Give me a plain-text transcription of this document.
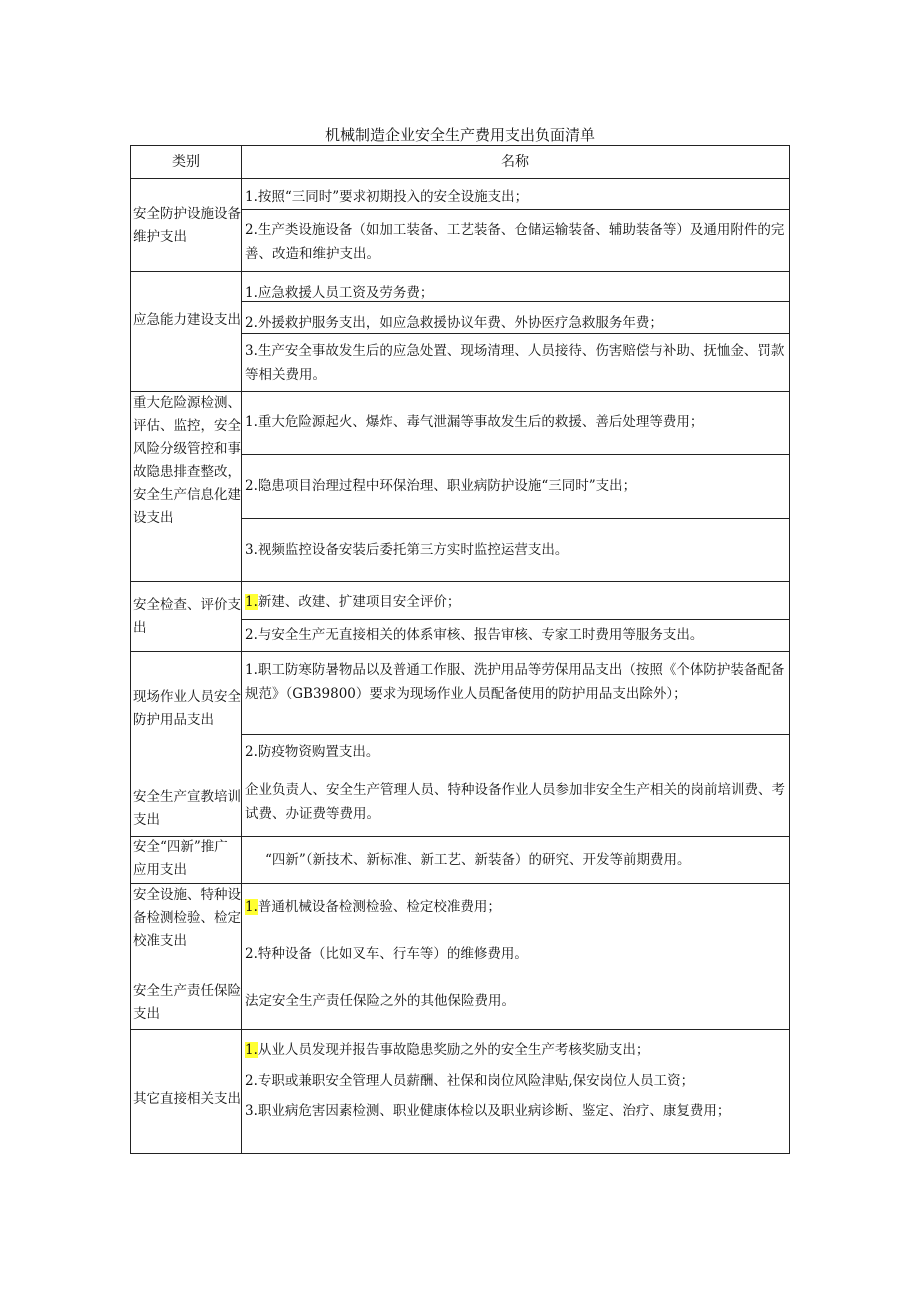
机械制造企业安全生产费用支出负面清单
类别	名称
安全防护设施设备维护支出
应急能力建设支出
重大危险源检测、评估、监控，安全风险分级管控和事故隐患排查整改，安全生产信息化建设支出
安全检查、评价支出
现场作业人员安全防护用品支出
安全生产宣教培训支出
安全“四新”推广应用支出
安全设施、特种设备检测检验、检定校准支出
安全生产责任保险支出
其它直接相关支出
1.按照“三同时”要求初期投入的安全设施支出；
2.生产类设施设备（如加工装备、工艺装备、仓储运输装备、辅助装备等）及通用附件的完善、改造和维护支出。
1.应急救援人员工资及劳务费；
2.外援救护服务支出，如应急救援协议年费、外协医疗急救服务年费；
3.生产安全事故发生后的应急处置、现场清理、人员接待、伤害赔偿与补助、抚恤金、罚款等相关费用。
1.重大危险源起火、爆炸、毒气泄漏等事故发生后的救援、善后处理等费用；
2.隐患项目治理过程中环保治理、职业病防护设施“三同时”支出；
3.视频监控设备安装后委托第三方实时监控运营支出。
1.新建、改建、扩建项目安全评价；
2.与安全生产无直接相关的体系审核、报告审核、专家工时费用等服务支出。
1.职工防寒防暑物品以及普通工作服、洗护用品等劳保用品支出（按照《个体防护装备配备规范》（GB39800）要求为现场作业人员配备使用的防护用品支出除外）；
2.防疫物资购置支出。
企业负责人、安全生产管理人员、特种设备作业人员参加非安全生产相关的岗前培训费、考试费、办证费等费用。
“四新”（新技术、新标准、新工艺、新装备）的研究、开发等前期费用。
1.普通机械设备检测检验、检定校准费用；
2.特种设备（比如叉车、行车等）的维修费用。
法定安全生产责任保险之外的其他保险费用。
1.从业人员发现并报告事故隐患奖励之外的安全生产考核奖励支出；
2.专职或兼职安全管理人员薪酬、社保和岗位风险津贴,保安岗位人员工资；
3.职业病危害因素检测、职业健康体检以及职业病诊断、鉴定、治疗、康复费用；
